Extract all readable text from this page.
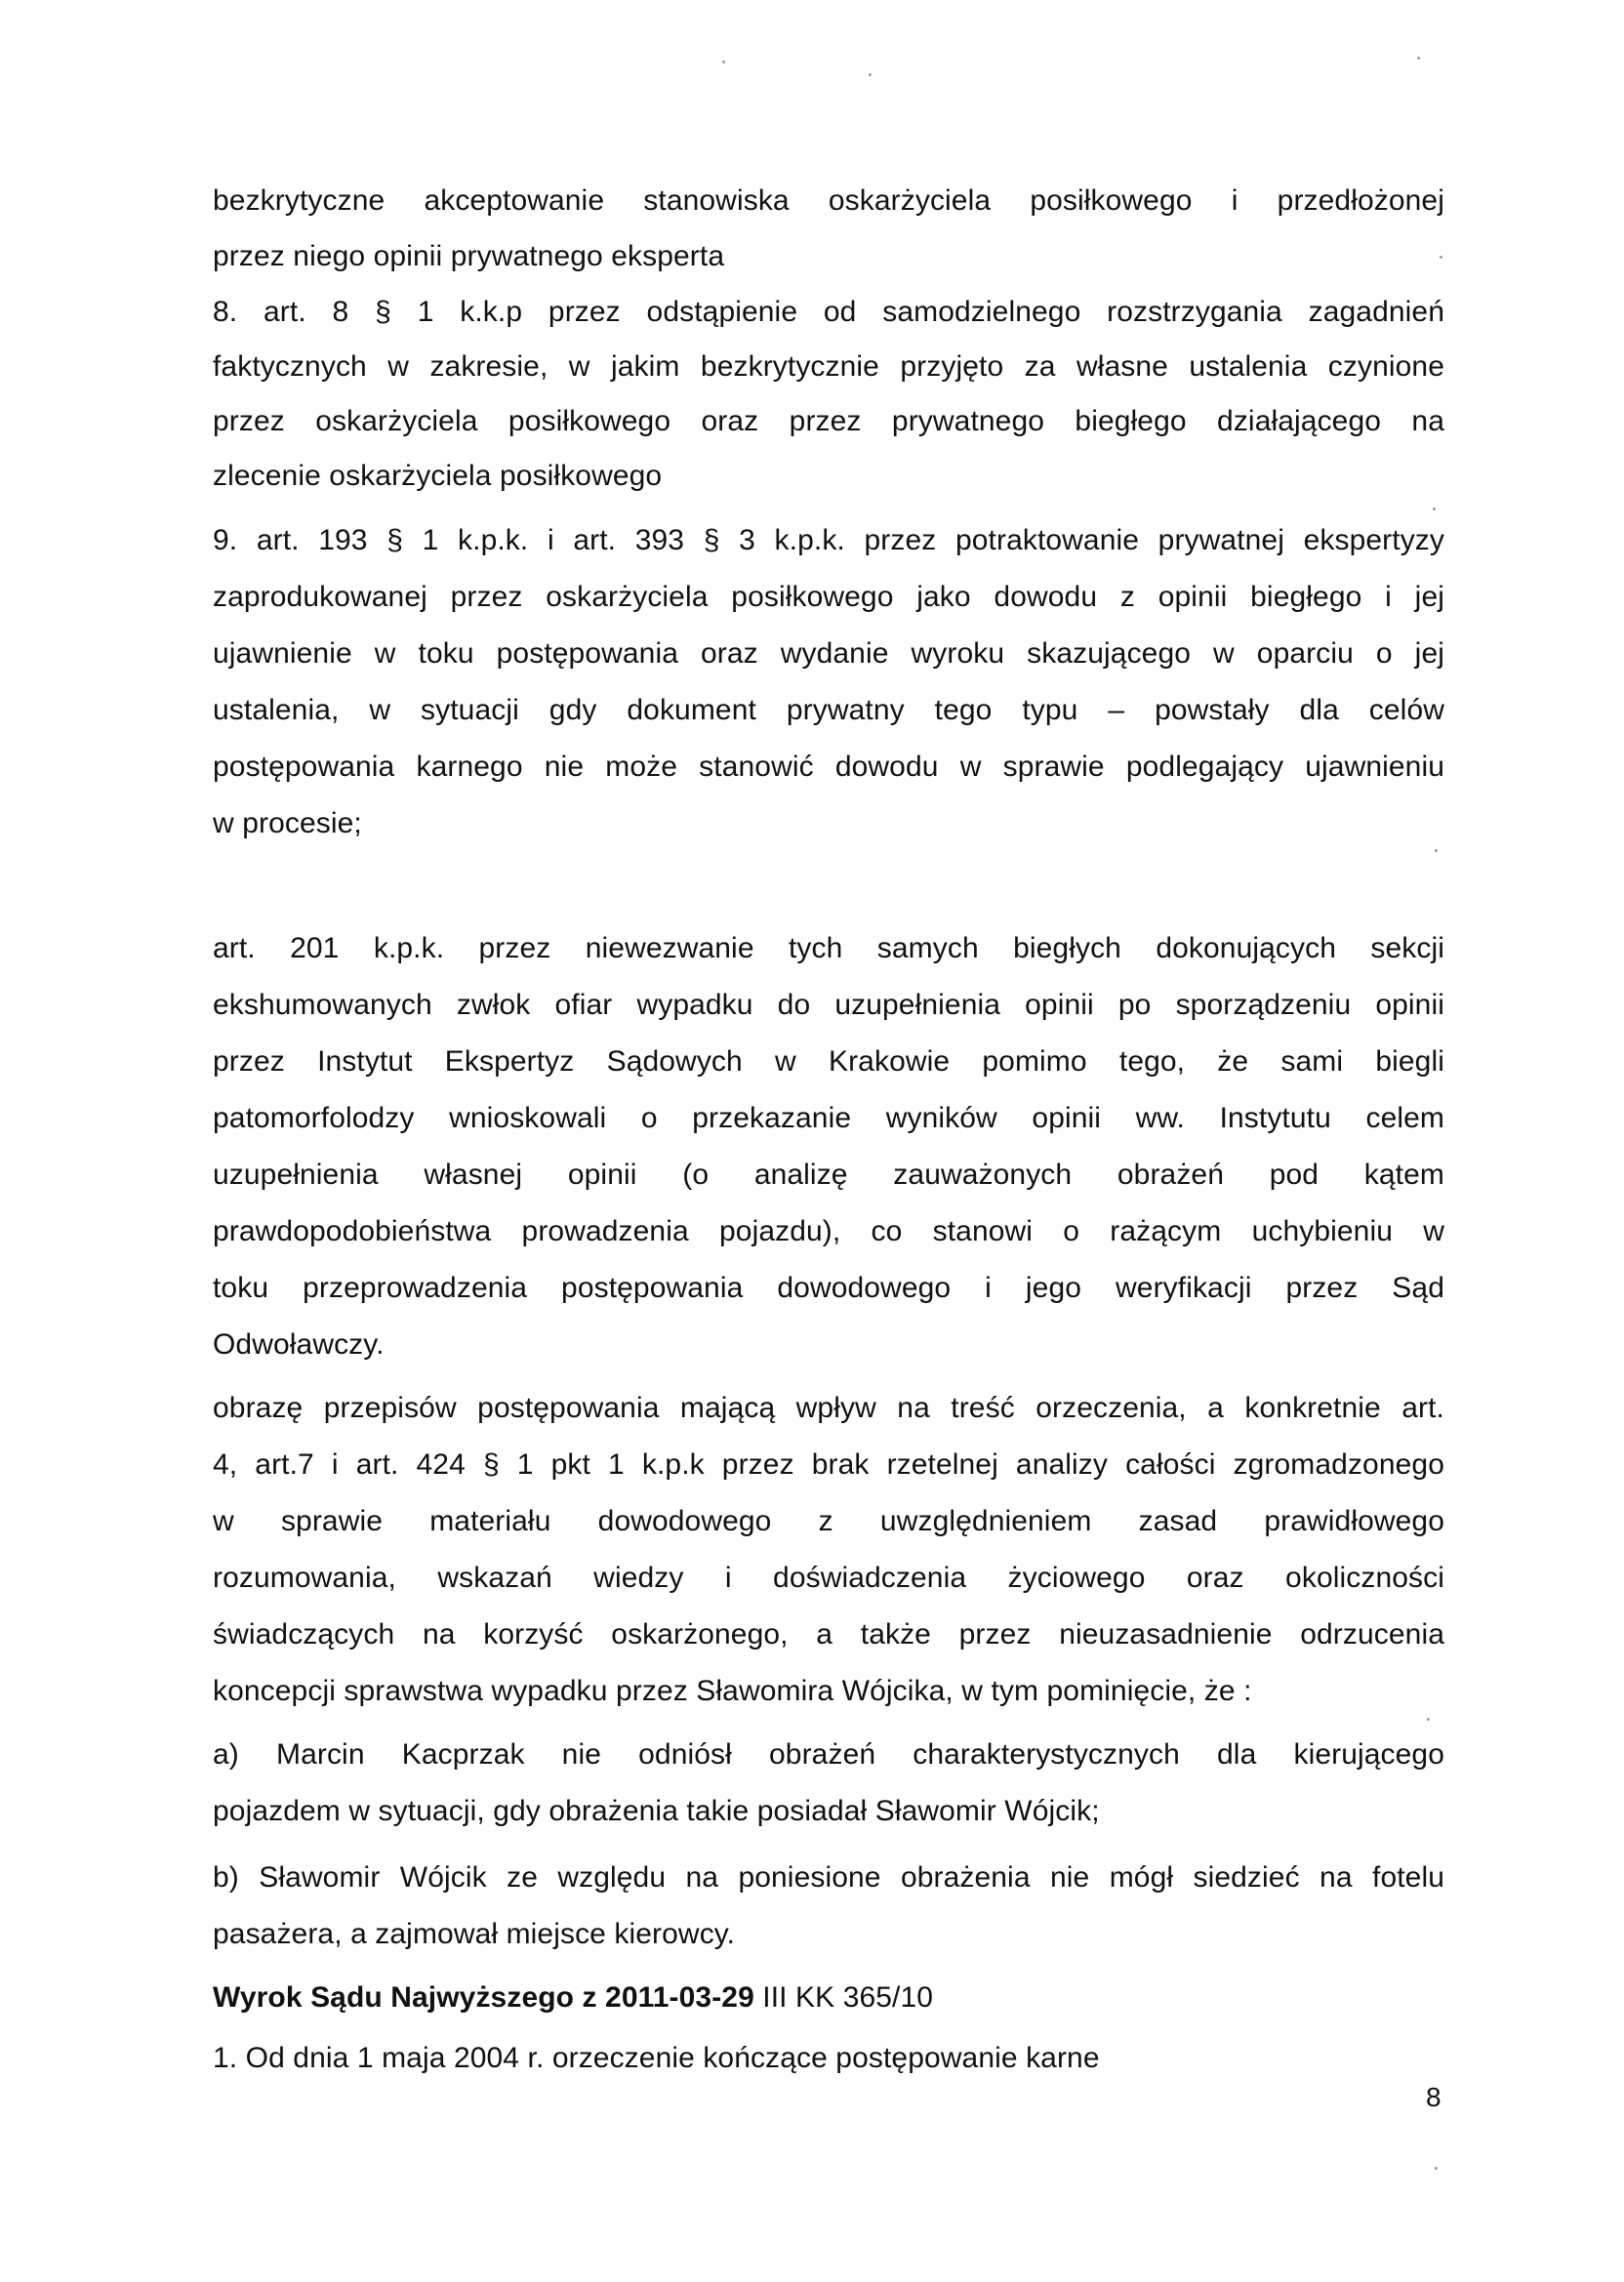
bezkrytyczne akceptowanie stanowiska oskarżyciela posiłkowego i przedłożonej
przez niego opinii prywatnego eksperta
8. art. 8 § 1 k.k.p przez odstąpienie od samodzielnego rozstrzygania zagadnień
faktycznych w zakresie, w jakim bezkrytycznie przyjęto za własne ustalenia czynione
przez oskarżyciela posiłkowego oraz przez prywatnego biegłego działającego na
zlecenie oskarżyciela posiłkowego
9. art. 193 § 1 k.p.k. i art. 393 § 3 k.p.k. przez potraktowanie prywatnej ekspertyzy
zaprodukowanej przez oskarżyciela posiłkowego jako dowodu z opinii biegłego i jej
ujawnienie w toku postępowania oraz wydanie wyroku skazującego w oparciu o jej
ustalenia, w sytuacji gdy dokument prywatny tego typu – powstały dla celów
postępowania karnego nie może stanowić dowodu w sprawie podlegający ujawnieniu
w procesie;
art. 201 k.p.k. przez niewezwanie tych samych biegłych dokonujących sekcji
ekshumowanych zwłok ofiar wypadku do uzupełnienia opinii po sporządzeniu opinii
przez Instytut Ekspertyz Sądowych w Krakowie pomimo tego, że sami biegli
patomorfolodzy wnioskowali o przekazanie wyników opinii ww. Instytutu celem
uzupełnienia własnej opinii (o analizę zauważonych obrażeń pod kątem
prawdopodobieństwa prowadzenia pojazdu), co stanowi o rażącym uchybieniu w
toku przeprowadzenia postępowania dowodowego i jego weryfikacji przez Sąd
Odwoławczy.
obrazę przepisów postępowania mającą wpływ na treść orzeczenia, a konkretnie art.
4, art.7 i art. 424 § 1 pkt 1 k.p.k przez brak rzetelnej analizy całości zgromadzonego
w sprawie materiału dowodowego z uwzględnieniem zasad prawidłowego
rozumowania, wskazań wiedzy i doświadczenia życiowego oraz okoliczności
świadczących na korzyść oskarżonego, a także przez nieuzasadnienie odrzucenia
koncepcji sprawstwa wypadku przez Sławomira Wójcika, w tym pominięcie, że :
a) Marcin Kacprzak nie odniósł obrażeń charakterystycznych dla kierującego
pojazdem w sytuacji, gdy obrażenia takie posiadał Sławomir Wójcik;
b) Sławomir Wójcik ze względu na poniesione obrażenia nie mógł siedzieć na fotelu
pasażera, a zajmował miejsce kierowcy.
Wyrok Sądu Najwyższego z 2011-03-29 III KK 365/10
1. Od dnia 1 maja 2004 r. orzeczenie kończące postępowanie karne
8
